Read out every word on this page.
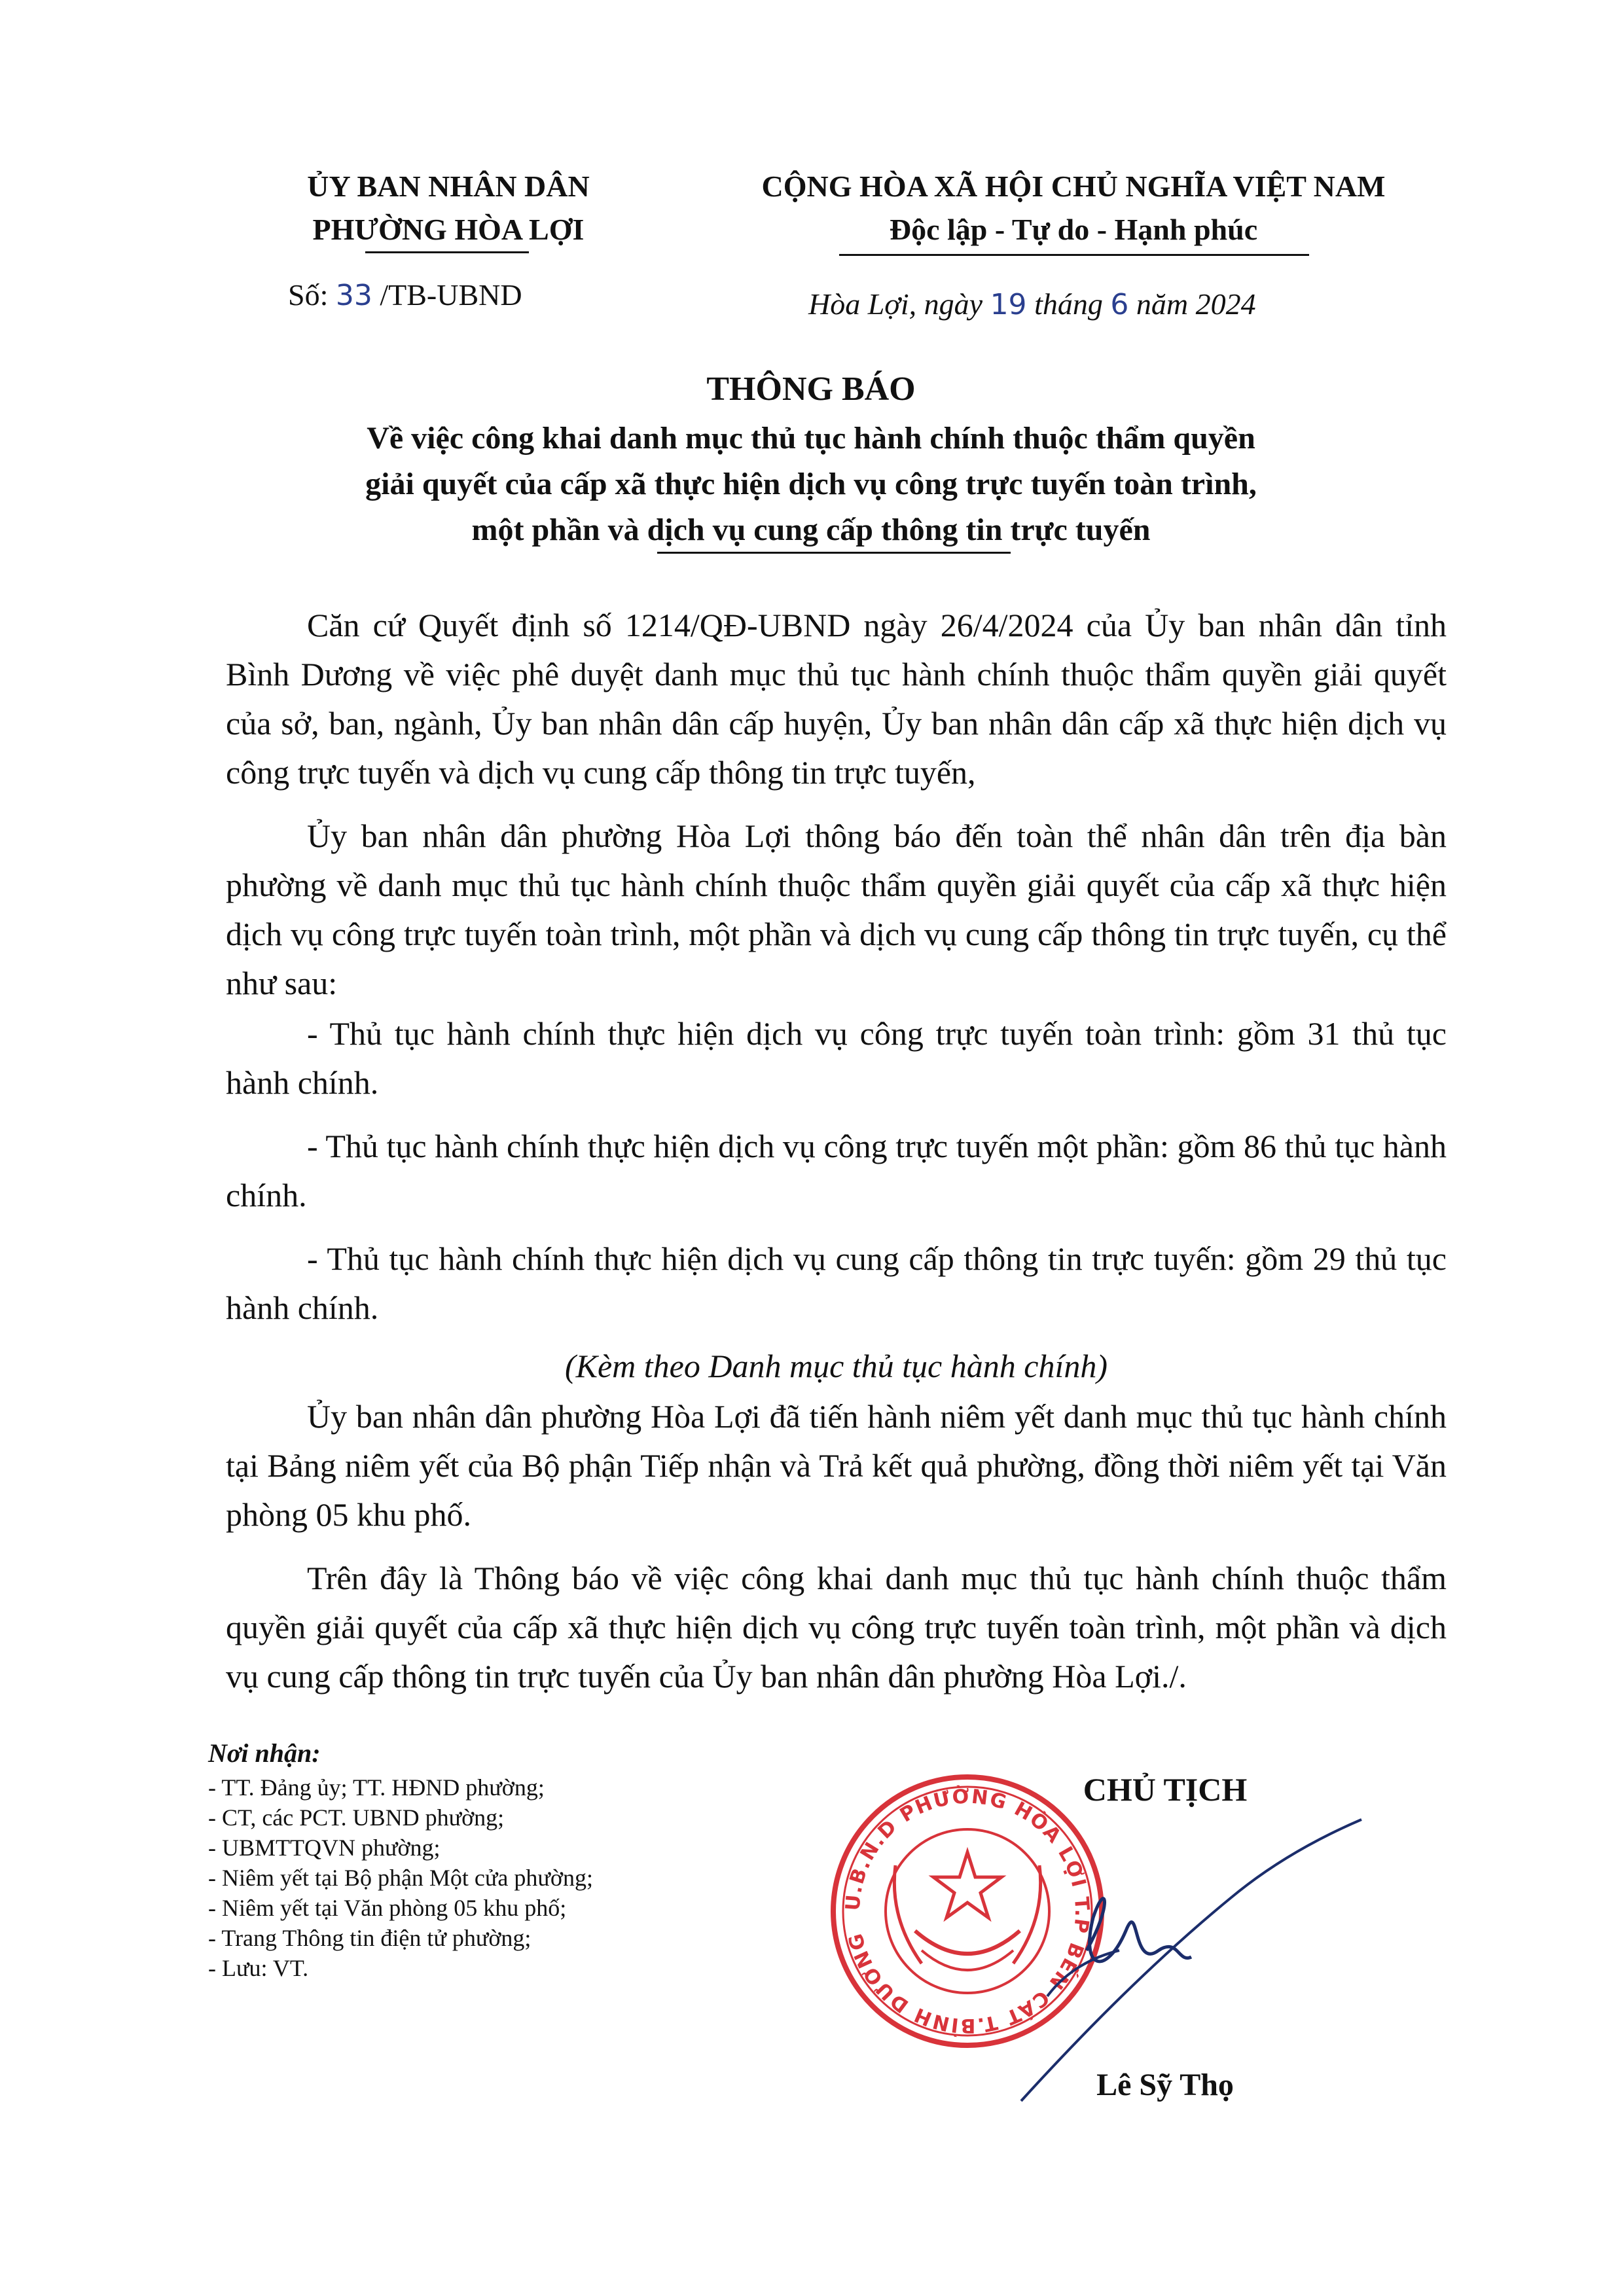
ỦY BAN NHÂN DÂN
PHƯỜNG HÒA LỢI
CỘNG HÒA XÃ HỘI CHỦ NGHĨA VIỆT NAM
Độc lập - Tự do - Hạnh phúc
Số: 33 /TB-UBND	Hòa Lợi, ngày 19 tháng 6 năm 2024
THÔNG BÁO
Về việc công khai danh mục thủ tục hành chính thuộc thẩm quyền
giải quyết của cấp xã thực hiện dịch vụ công trực tuyến toàn trình,
một phần và dịch vụ cung cấp thông tin trực tuyến

Căn cứ Quyết định số 1214/QĐ-UBND ngày 26/4/2024 của Ủy ban nhân dân tỉnh Bình Dương về việc phê duyệt danh mục thủ tục hành chính thuộc thẩm quyền giải quyết của sở, ban, ngành, Ủy ban nhân dân cấp huyện, Ủy ban nhân dân cấp xã thực hiện dịch vụ công trực tuyến và dịch vụ cung cấp thông tin trực tuyến,

Ủy ban nhân dân phường Hòa Lợi thông báo đến toàn thể nhân dân trên địa bàn phường về danh mục thủ tục hành chính thuộc thẩm quyền giải quyết của cấp xã thực hiện dịch vụ công trực tuyến toàn trình, một phần và dịch vụ cung cấp thông tin trực tuyến, cụ thể như sau:

- Thủ tục hành chính thực hiện dịch vụ công trực tuyến toàn trình: gồm 31 thủ tục hành chính.

- Thủ tục hành chính thực hiện dịch vụ công trực tuyến một phần: gồm 86 thủ tục hành chính.

- Thủ tục hành chính thực hiện dịch vụ cung cấp thông tin trực tuyến: gồm 29 thủ tục hành chính.

(Kèm theo Danh mục thủ tục hành chính)

Ủy ban nhân dân phường Hòa Lợi đã tiến hành niêm yết danh mục thủ tục hành chính tại Bảng niêm yết của Bộ phận Tiếp nhận và Trả kết quả phường, đồng thời niêm yết tại Văn phòng 05 khu phố.

Trên đây là Thông báo về việc công khai danh mục thủ tục hành chính thuộc thẩm quyền giải quyết của cấp xã thực hiện dịch vụ công trực tuyến toàn trình, một phần và dịch vụ cung cấp thông tin trực tuyến của Ủy ban nhân dân phường Hòa Lợi./.

Nơi nhận:
- TT. Đảng ủy; TT. HĐND phường;
- CT, các PCT. UBND phường;
- UBMTTQVN phường;
- Niêm yết tại Bộ phận Một cửa phường;
- Niêm yết tại Văn phòng 05 khu phố;
- Trang Thông tin điện tử phường;
- Lưu: VT.
CHỦ TỊCH
U.B.N.D PHƯỜNG HÒA LỢI T.P BẾN CÁT T.BÌNH DƯƠNG
Lê Sỹ Thọ
